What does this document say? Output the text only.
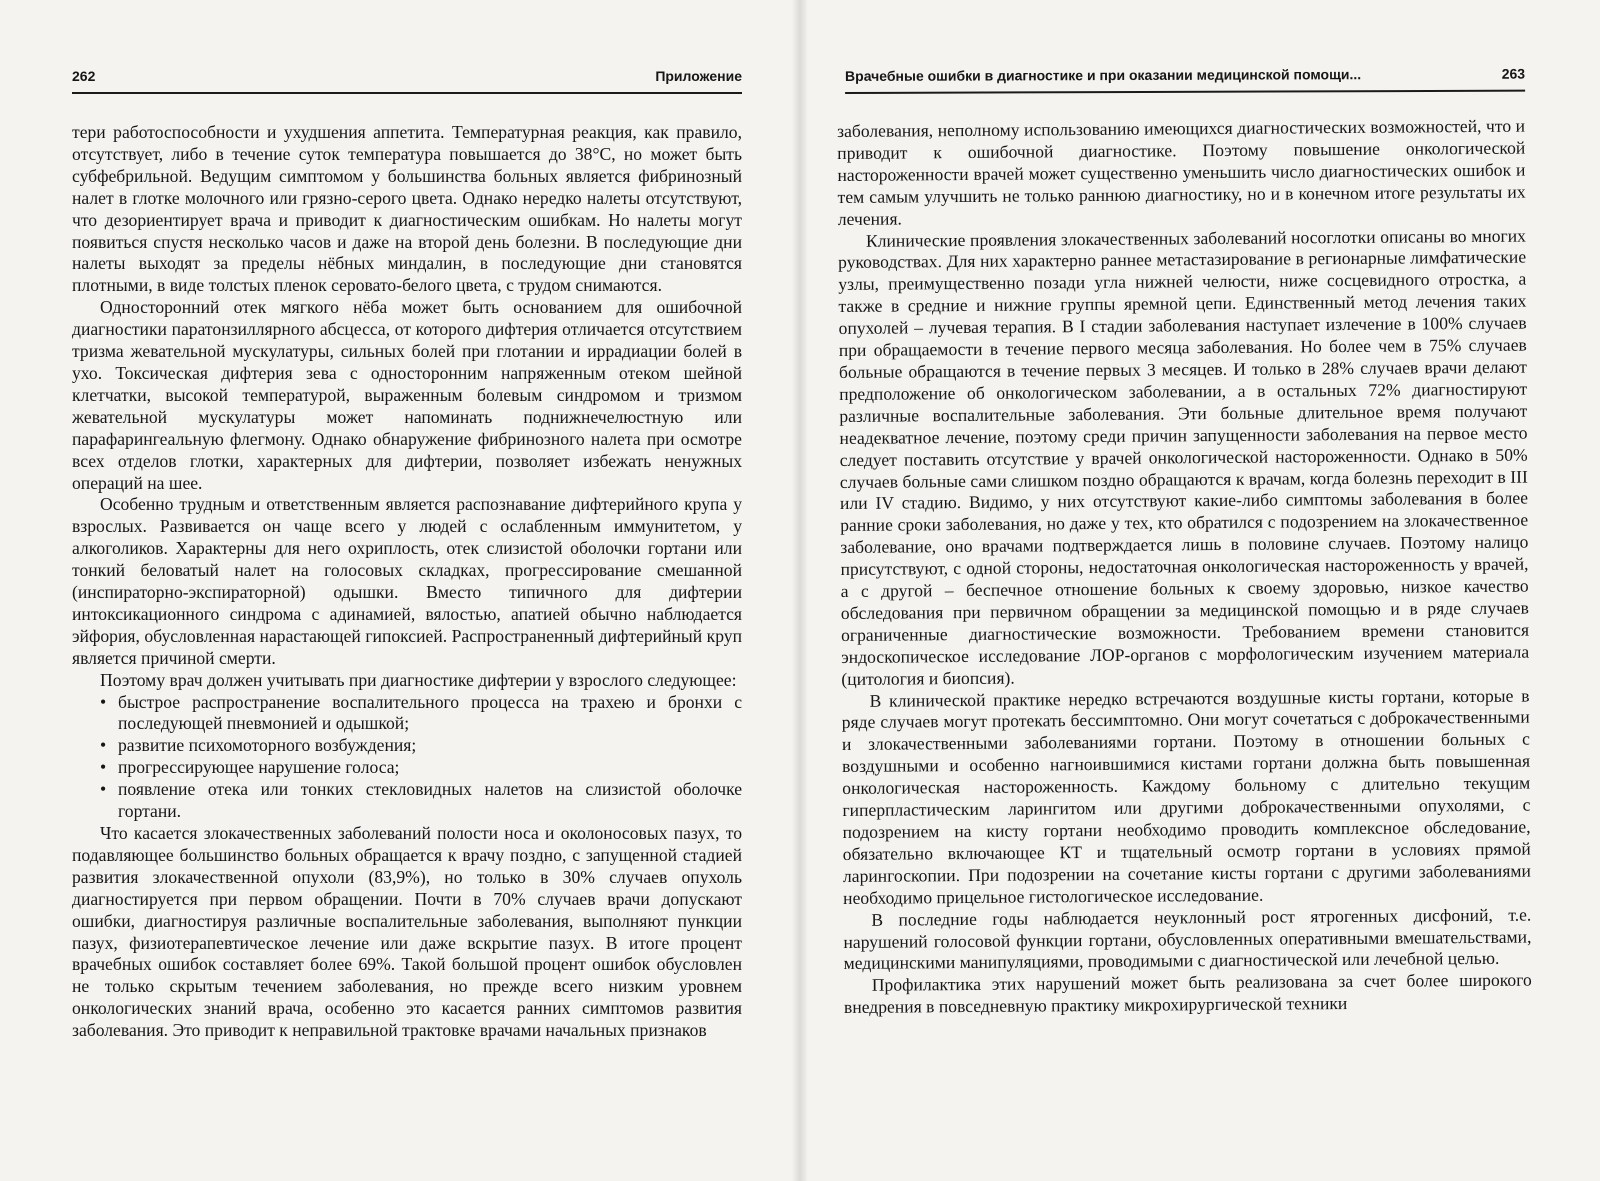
262	Приложение

тери работоспособности и ухудшения аппетита. Температурная реакция, как правило, отсутствует, либо в течение суток температура повышается до 38°С, но может быть субфебрильной. Ведущим симптомом у большинства больных является фибринозный налет в глотке молочного или грязно-серого цвета. Однако нередко налеты отсутствуют, что дезориентирует врача и приводит к диагностическим ошибкам. Но налеты могут появиться спустя несколько часов и даже на второй день болезни. В последующие дни налеты выходят за пределы нёбных миндалин, в последующие дни становятся плотными, в виде толстых пленок серовато-белого цвета, с трудом снимаются.

Односторонний отек мягкого нёба может быть основанием для ошибочной диагностики паратонзиллярного абсцесса, от которого дифтерия отличается отсутствием тризма жевательной мускулатуры, сильных болей при глотании и иррадиации болей в ухо. Токсическая дифтерия зева с односторонним напряженным отеком шейной клетчатки, высокой температурой, выраженным болевым синдромом и тризмом жевательной мускулатуры может напоминать поднижнечелюстную или парафарингеальную флегмону. Однако обнаружение фибринозного налета при осмотре всех отделов глотки, характерных для дифтерии, позволяет избежать ненужных операций на шее.

Особенно трудным и ответственным является распознавание дифтерийного крупа у взрослых. Развивается он чаще всего у людей с ослабленным иммунитетом, у алкоголиков. Характерны для него охриплость, отек слизистой оболочки гортани или тонкий беловатый налет на голосовых складках, прогрессирование смешанной (инспираторно-экспираторной) одышки. Вместо типичного для дифтерии интоксикационного синдрома с адинамией, вялостью, апатией обычно наблюдается эйфория, обусловленная нарастающей гипоксией. Распространенный дифтерийный круп является причиной смерти.

Поэтому врач должен учитывать при диагностике дифтерии у взрослого следующее:

• быстрое распространение воспалительного процесса на трахею и бронхи с последующей пневмонией и одышкой;
• развитие психомоторного возбуждения;
• прогрессирующее нарушение голоса;
• появление отека или тонких стекловидных налетов на слизистой оболочке гортани.

Что касается злокачественных заболеваний полости носа и околоносовых пазух, то подавляющее большинство больных обращается к врачу поздно, с запущенной стадией развития злокачественной опухоли (83,9%), но только в 30% случаев опухоль диагностируется при первом обращении. Почти в 70% случаев врачи допускают ошибки, диагностируя различные воспалительные заболевания, выполняют пункции пазух, физиотерапевтическое лечение или даже вскрытие пазух. В итоге процент врачебных ошибок составляет более 69%. Такой большой процент ошибок обусловлен не только скрытым течением заболевания, но прежде всего низким уровнем онкологических знаний врача, особенно это касается ранних симптомов развития заболевания. Это приводит к неправильной трактовке врачами начальных признаков

Врачебные ошибки в диагностике и при оказании медицинской помощи...	263

заболевания, неполному использованию имеющихся диагностических возможностей, что и приводит к ошибочной диагностике. Поэтому повышение онкологической настороженности врачей может существенно уменьшить число диагностических ошибок и тем самым улучшить не только раннюю диагностику, но и в конечном итоге результаты их лечения.

Клинические проявления злокачественных заболеваний носоглотки описаны во многих руководствах. Для них характерно раннее метастазирование в регионарные лимфатические узлы, преимущественно позади угла нижней челюсти, ниже сосцевидного отростка, а также в средние и нижние группы яремной цепи. Единственный метод лечения таких опухолей – лучевая терапия. В I стадии заболевания наступает излечение в 100% случаев при обращаемости в течение первого месяца заболевания. Но более чем в 75% случаев больные обращаются в течение первых 3 месяцев. И только в 28% случаев врачи делают предположение об онкологическом заболевании, а в остальных 72% диагностируют различные воспалительные заболевания. Эти больные длительное время получают неадекватное лечение, поэтому среди причин запущенности заболевания на первое место следует поставить отсутствие у врачей онкологической настороженности. Однако в 50% случаев больные сами слишком поздно обращаются к врачам, когда болезнь переходит в III или IV стадию. Видимо, у них отсутствуют какие-либо симптомы заболевания в более ранние сроки заболевания, но даже у тех, кто обратился с подозрением на злокачественное заболевание, оно врачами подтверждается лишь в половине случаев. Поэтому налицо присутствуют, с одной стороны, недостаточная онкологическая настороженность у врачей, а с другой – беспечное отношение больных к своему здоровью, низкое качество обследования при первичном обращении за медицинской помощью и в ряде случаев ограниченные диагностические возможности. Требованием времени становится эндоскопическое исследование ЛОР-органов с морфологическим изучением материала (цитология и биопсия).

В клинической практике нередко встречаются воздушные кисты гортани, которые в ряде случаев могут протекать бессимптомно. Они могут сочетаться с доброкачественными и злокачественными заболеваниями гортани. Поэтому в отношении больных с воздушными и особенно нагноившимися кистами гортани должна быть повышенная онкологическая настороженность. Каждому больному с длительно текущим гиперпластическим ларингитом или другими доброкачественными опухолями, с подозрением на кисту гортани необходимо проводить комплексное обследование, обязательно включающее КТ и тщательный осмотр гортани в условиях прямой ларингоскопии. При подозрении на сочетание кисты гортани с другими заболеваниями необходимо прицельное гистологическое исследование.

В последние годы наблюдается неуклонный рост ятрогенных дисфоний, т.е. нарушений голосовой функции гортани, обусловленных оперативными вмешательствами, медицинскими манипуляциями, проводимыми с диагностической или лечебной целью.

Профилактика этих нарушений может быть реализована за счет более широкого внедрения в повседневную практику микрохирургической техники
